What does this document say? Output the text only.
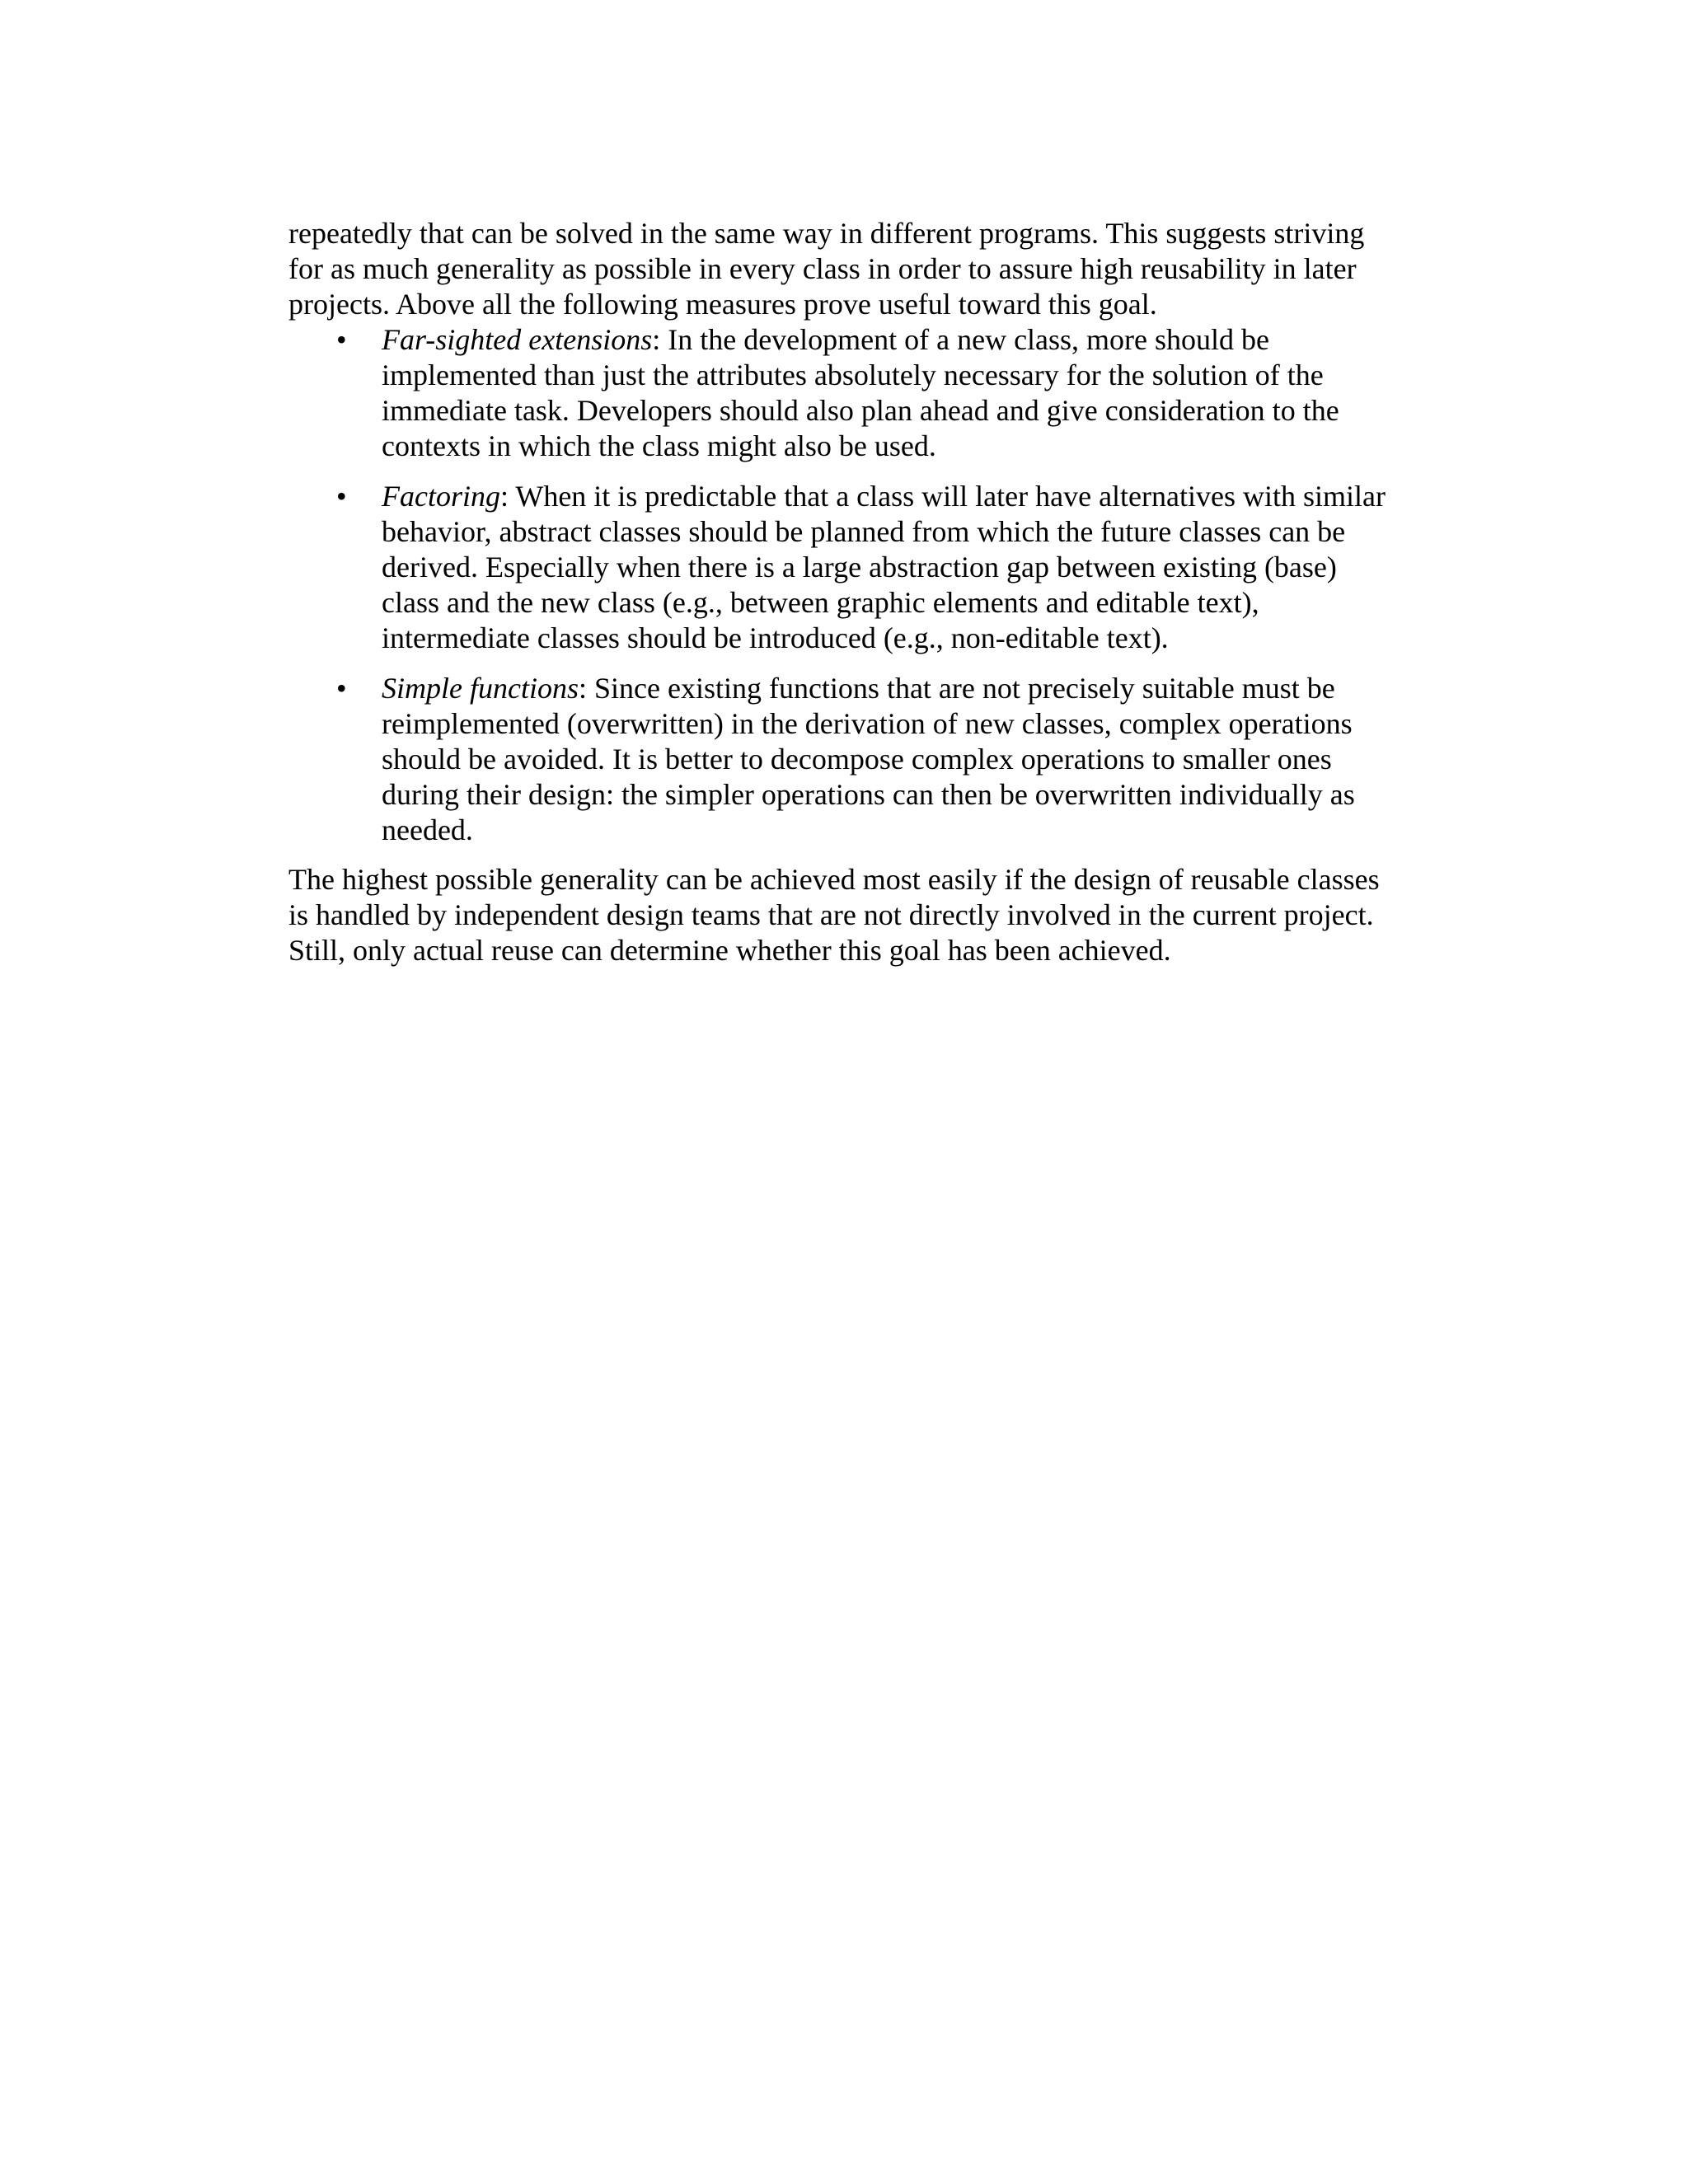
repeatedly that can be solved in the same way in different programs. This suggests striving for as much generality as possible in every class in order to assure high reusability in later projects. Above all the following measures prove useful toward this goal.

• Far-sighted extensions: In the development of a new class, more should be implemented than just the attributes absolutely necessary for the solution of the immediate task. Developers should also plan ahead and give consideration to the contexts in which the class might also be used.
• Factoring: When it is predictable that a class will later have alternatives with similar behavior, abstract classes should be planned from which the future classes can be derived. Especially when there is a large abstraction gap between existing (base) class and the new class (e.g., between graphic elements and editable text), intermediate classes should be introduced (e.g., non-editable text).
• Simple functions: Since existing functions that are not precisely suitable must be reimplemented (overwritten) in the derivation of new classes, complex operations should be avoided. It is better to decompose complex operations to smaller ones during their design: the simpler operations can then be overwritten individually as needed.

The highest possible generality can be achieved most easily if the design of reusable classes is handled by independent design teams that are not directly involved in the current project. Still, only actual reuse can determine whether this goal has been achieved.
